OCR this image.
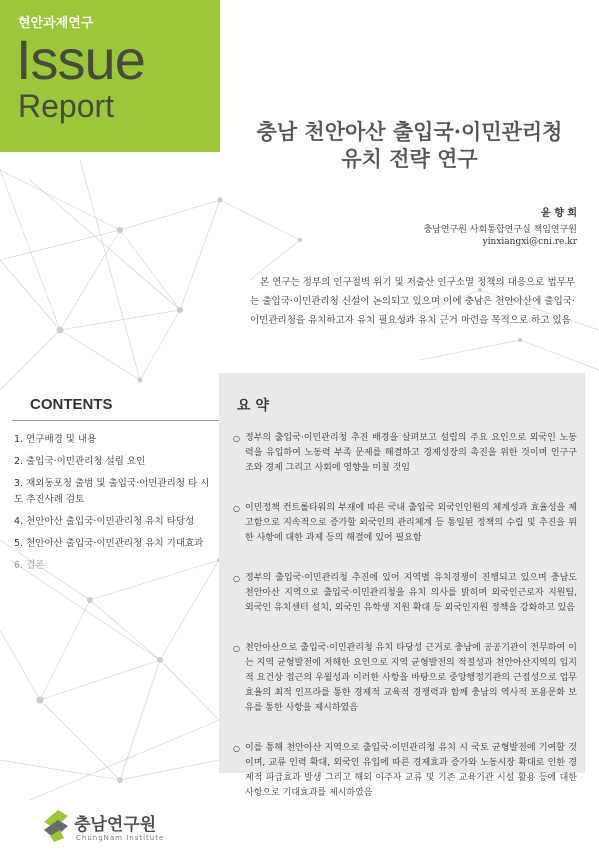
현안과제연구
Issue
Report
충남 천안아산 출입국·이민관리청
유치 전략 연구
윤 향 희
충남연구원 사회통합연구실 책임연구원
yinxiangxi@cni.re.kr
본 연구는 정부의 인구절벽 위기 및 저출산 인구소멸 정책의 대응으로 법무부는 출입국·이민관리청 신설이 논의되고 있으며 이에 충남은 천안아산에 출입국·이민관리청을 유치하고자 유치 필요성과 유치 근거 마련을 목적으로 하고 있음
CONTENTS
1. 연구배경 및 내용
2. 출입국·이민관리청 설립 요인
3. 재외동포청 출범 및 출입국·이민관리청 타 시도 추진사례 검토
4. 천안아산 출입국·이민관리청 유치 타당성
5. 천안아산 출입국·이민관리청 유치 기대효과
6. 결론
요 약
○ 정부의 출입국·이민관리청 추진 배경을 살펴보고 설립의 주요 요인으로 외국인 노동력을 유입하여 노동력 부족 문제를 해결하고 경제성장의 촉진을 위한 것이며 인구구조와 경제 그리고 사회에 영향을 미칠 것임
○ 이민정책 컨트롤타워의 부재에 따른 국내 출입국 외국인인원의 체계성과 효율성을 제고함으로 지속적으로 증가할 외국인의 관리체계 등 통일된 정책의 수립 및 추진을 위한 사항에 대한 과제 등의 해결에 있어 필요함
○ 정부의 출입국·이민관리청 추진에 있어 지역별 유치경쟁이 진행되고 있으며 충남도 천안아산 지역으로 출입국·이민관리청을 유치 의사를 밝히며 외국인근로자 지원팀, 외국인 유치센터 설치, 외국인 유학생 지원 확대 등 외국인지원 정책을 강화하고 있음
○ 천안아산으로 출입국·이민관리청 유치 타당성 근거로 충남에 공공기관이 전무하여 이는 지역 균형발전에 저해한 요인으로 지역 균형발전의 적절성과 천안아산지역의 입지적 요건상 접근의 우월성과 이러한 사항을 바탕으로 중앙행정기관의 근접성으로 업무 효율의 최적 인프라를 통한 경제적 교육적 경쟁력과 함께 충남의 역사적 포용문화 보유를 통한 사항을 제시하였음
○ 이를 통해 천안아산 지역으로 출입국·이민관리청 유치 시 국토 균형발전에 기여할 것이며, 교류 인력 확대, 외국인 유입에 따른 경제효과 증가와 노동시장 확대로 인한 경제적 파급효과 발생 그리고 해외 이주자 교류 및 기존 교육기관 시설 활용 등에 대한 사항으로 기대효과를 제시하였음
충남연구원
ChungNam Institute
